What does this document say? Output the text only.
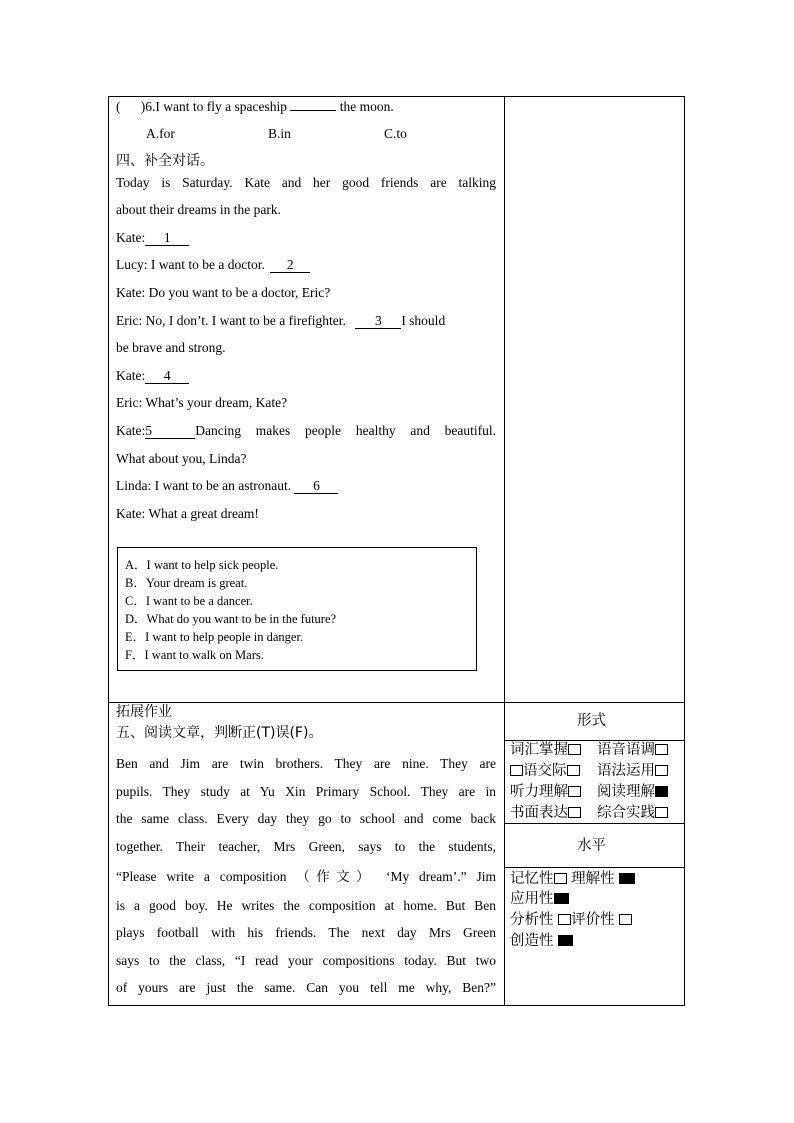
(      )6.I want to fly a spaceship	the moon.
A.for	B.in	C.to
四、补全对话。
Today is Saturday. Kate and her good friends are talking
about their dreams in the park.
Kate: 1
Lucy: I want to be a doctor. 2
Kate: Do you want to be a doctor, Eric?
Eric: No, I don’t. I want to be a firefighter. 3 I should
be brave and strong.
Kate: 4
Eric: What’s your dream, Kate?
Kate:5	Dancing makes people healthy and beautiful.
What about you, Linda?
Linda: I want to be an astronaut. 6
Kate: What a great dream!
A．I want to help sick people.
B．Your dream is great.
C．I want to be a dancer.
D．What do you want to be in the future?
E．I want to help people in danger.
F．I want to walk on Mars.
拓展作业
五、阅读文章，判断正(T)误(F)。
Ben and Jim are twin brothers. They are nine. They are
pupils. They study at Yu Xin Primary School. They are in
the same class. Every day they go to school and come back
together. Their teacher, Mrs Green, says to the students,
“Please write a composition （作文） ‘My dream’.” Jim
is a good boy. He writes the composition at home. But Ben
plays football with his friends. The next day Mrs Green
says to the class, “I read your compositions today. But two
of yours are just the same. Can you tell me why, Ben?”
形式
词汇掌握	语音语调
语交际	语法运用
听力理解	阅读理解
书面表达	综合实践
水平
记忆性 理解性
应用性
分析性 评价性
创造性
